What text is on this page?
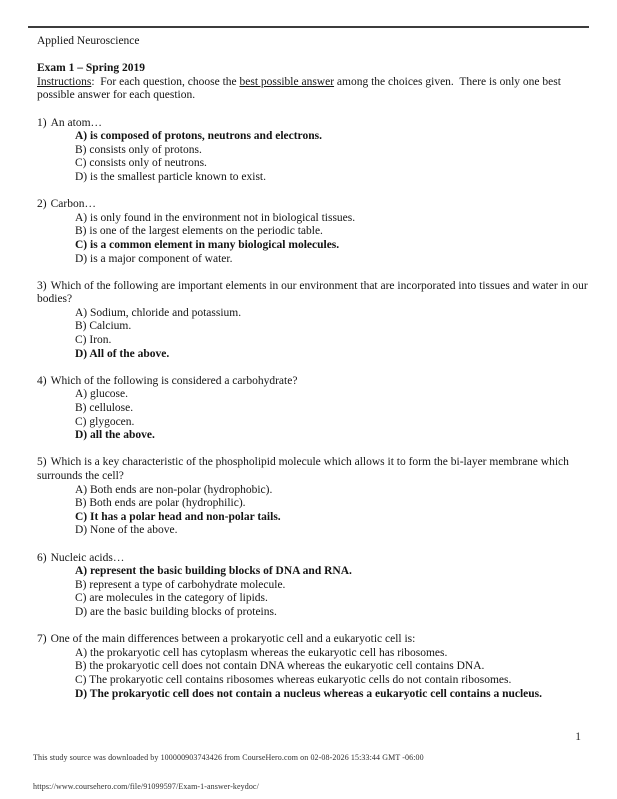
Applied Neuroscience

Exam 1 – Spring 2019

Instructions:  For each question, choose the best possible answer among the choices given.  There is only one best possible answer for each question.

1) An atom…

A) is composed of protons, neutrons and electrons.

B) consists only of protons.

C) consists only of neutrons.

D) is the smallest particle known to exist.

2) Carbon…

A) is only found in the environment not in biological tissues.

B) is one of the largest elements on the periodic table.

C) is a common element in many biological molecules.

D) is a major component of water.

3) Which of the following are important elements in our environment that are incorporated into tissues and water in our bodies?

A) Sodium, chloride and potassium.

B) Calcium.

C) Iron.

D) All of the above.

4) Which of the following is considered a carbohydrate?

A) glucose.

B) cellulose.

C) glygocen.

D) all the above.

5) Which is a key characteristic of the phospholipid molecule which allows it to form the bi-layer membrane which surrounds the cell?

A) Both ends are non-polar (hydrophobic).

B) Both ends are polar (hydrophilic).

C) It has a polar head and non-polar tails.

D) None of the above.

6) Nucleic acids…

A) represent the basic building blocks of DNA and RNA.

B) represent a type of carbohydrate molecule.

C) are molecules in the category of lipids.

D) are the basic building blocks of proteins.

7) One of the main differences between a prokaryotic cell and a eukaryotic cell is:

A) the prokaryotic cell has cytoplasm whereas the eukaryotic cell has ribosomes.

B) the prokaryotic cell does not contain DNA whereas the eukaryotic cell contains DNA.

C) The prokaryotic cell contains ribosomes whereas eukaryotic cells do not contain ribosomes.

D) The prokaryotic cell does not contain a nucleus whereas a eukaryotic cell contains a nucleus.

1
This study source was downloaded by 100000903743426 from CourseHero.com on 02-08-2026 15:33:44 GMT -06:00
https://www.coursehero.com/file/91099597/Exam-1-answer-keydoc/
